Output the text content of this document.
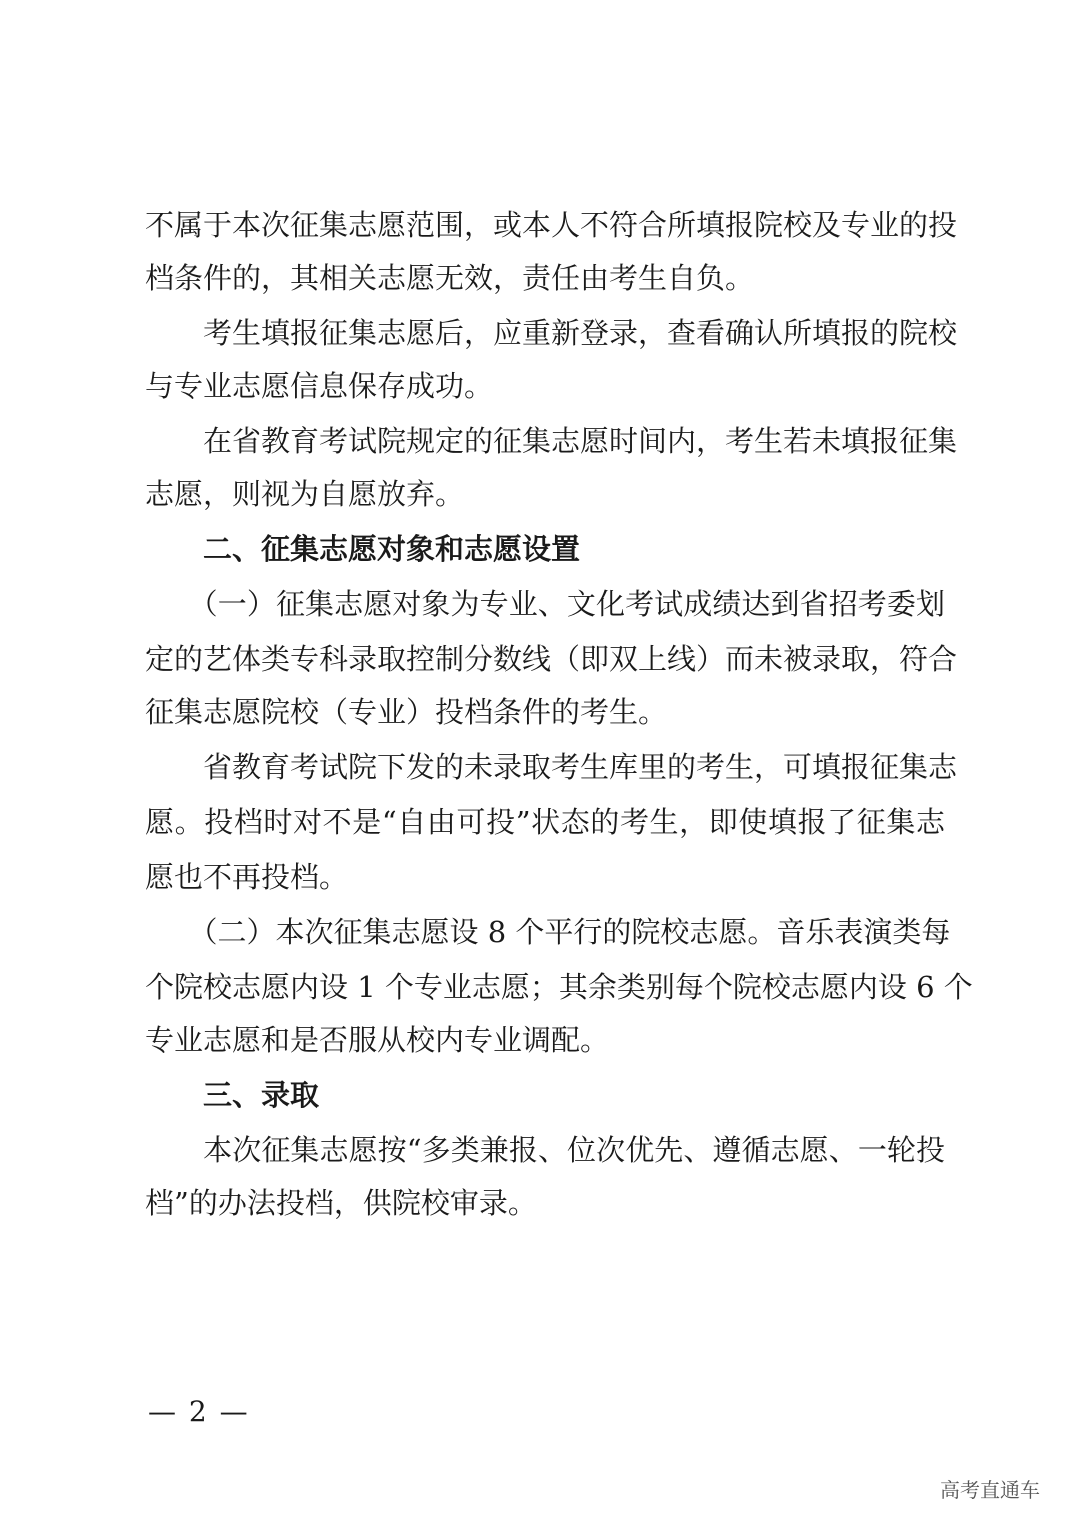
不属于本次征集志愿范围，或本人不符合所填报院校及专业的投
档条件的，其相关志愿无效，责任由考生自负。
　　考生填报征集志愿后，应重新登录，查看确认所填报的院校
与专业志愿信息保存成功。
　　在省教育考试院规定的征集志愿时间内，考生若未填报征集
志愿，则视为自愿放弃。
　　二、征集志愿对象和志愿设置
　　（一）征集志愿对象为专业、文化考试成绩达到省招考委划
定的艺体类专科录取控制分数线（即双上线）而未被录取，符合
征集志愿院校（专业）投档条件的考生。
　　省教育考试院下发的未录取考生库里的考生，可填报征集志
愿。投档时对不是“自由可投”状态的考生，即使填报了征集志
愿也不再投档。
　　（二）本次征集志愿设 8 个平行的院校志愿。音乐表演类每
个院校志愿内设 1 个专业志愿；其余类别每个院校志愿内设 6 个
专业志愿和是否服从校内专业调配。
　　三、录取
　　本次征集志愿按“多类兼报、位次优先、遵循志愿、一轮投
档”的办法投档，供院校审录。
— 2 —
高考直通车
